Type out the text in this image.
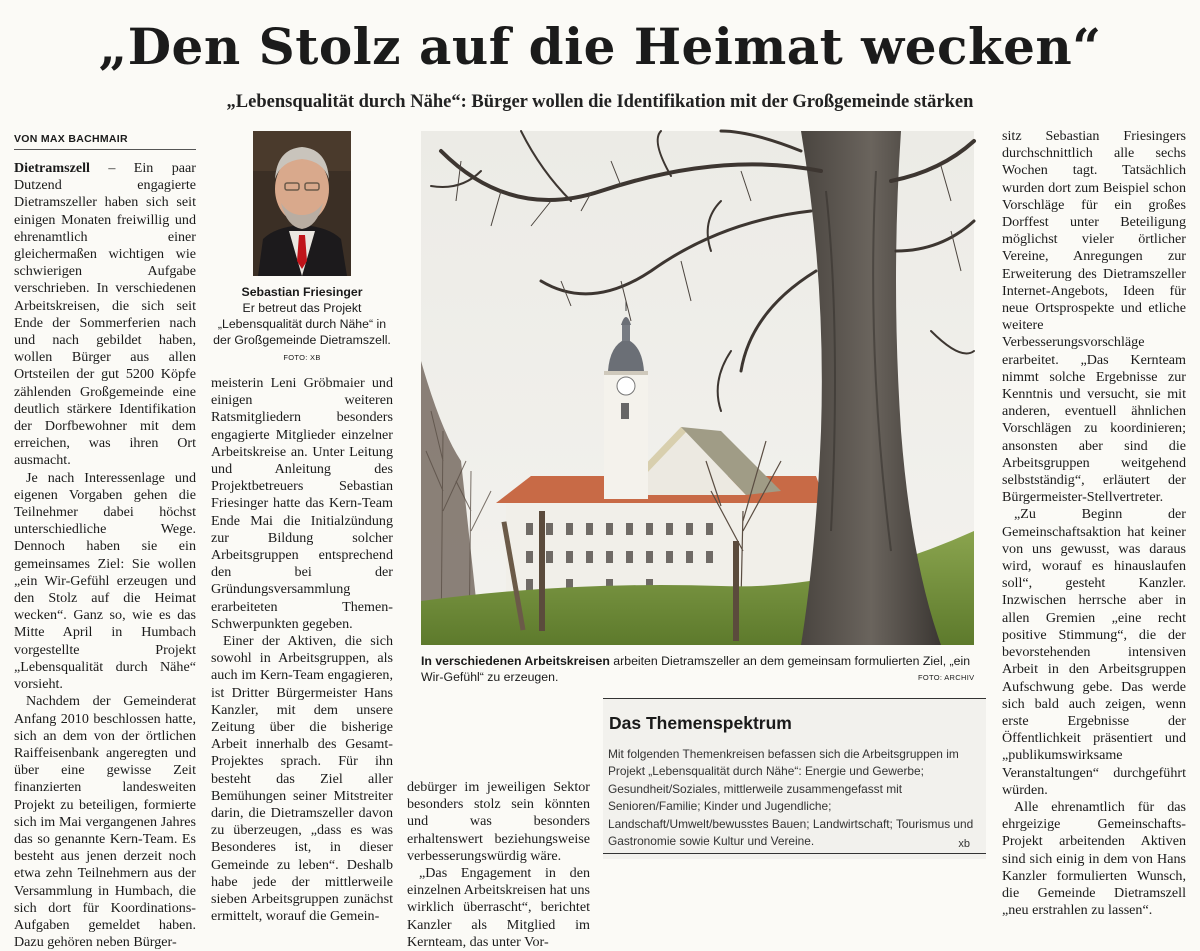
„Den Stolz auf die Heimat wecken“
„Lebensqualität durch Nähe“: Bürger wollen die Identifikation mit der Großgemeinde stärken
VON MAX BACHMAIR

Dietramszell – Ein paar Dutzend engagierte Dietramszeller haben sich seit einigen Monaten freiwillig und ehrenamtlich einer gleichermaßen wichtigen wie schwierigen Aufgabe verschrieben. In verschiedenen Arbeitskreisen, die sich seit Ende der Sommerferien nach und nach gebildet haben, wollen Bürger aus allen Ortsteilen der gut 5200 Köpfe zählenden Großgemeinde eine deutlich stärkere Identifikation der Dorfbewohner mit dem erreichen, was ihren Ort ausmacht.

Je nach Interessenlage und eigenen Vorgaben gehen die Teilnehmer dabei höchst unterschiedliche Wege. Dennoch haben sie ein gemeinsames Ziel: Sie wollen „ein Wir-Gefühl erzeugen und den Stolz auf die Heimat wecken“. Ganz so, wie es das Mitte April in Humbach vorgestellte Projekt „Lebensqualität durch Nähe“ vorsieht.

Nachdem der Gemeinderat Anfang 2010 beschlossen hatte, sich an dem von der örtlichen Raiffeisenbank angeregten und über eine gewisse Zeit finanzierten landesweiten Projekt zu beteiligen, formierte sich im Mai vergangenen Jahres das so genannte Kern-Team. Es besteht aus jenen derzeit noch etwa zehn Teilnehmern aus der Versammlung in Humbach, die sich dort für Koordinations-Aufgaben gemeldet haben. Dazu gehören neben Bürger-

Sebastian Friesinger
Er betreut das Projekt „Lebensqualität durch Nähe“ in der Großgemeinde Dietramszell. FOTO: XB

meisterin Leni Gröbmaier und einigen weiteren Ratsmitgliedern besonders engagierte Mitglieder einzelner Arbeitskreise an. Unter Leitung und Anleitung des Projektbetreuers Sebastian Friesinger hatte das Kern-Team Ende Mai die Initialzündung zur Bildung solcher Arbeitsgruppen entsprechend den bei der Gründungsversammlung erarbeiteten Themen-Schwerpunkten gegeben.

Einer der Aktiven, die sich sowohl in Arbeitsgruppen, als auch im Kern-Team engagieren, ist Dritter Bürgermeister Hans Kanzler, mit dem unsere Zeitung über die bisherige Arbeit innerhalb des Gesamt-Projektes sprach. Für ihn besteht das Ziel aller Bemühungen seiner Mitstreiter darin, die Dietramszeller davon zu überzeugen, „dass es was Besonderes ist, in dieser Gemeinde zu leben“. Deshalb habe jede der mittlerweile sieben Arbeitsgruppen zunächst ermittelt, worauf die Gemein-

In verschiedenen Arbeitskreisen arbeiten Dietramszeller an dem gemeinsam formulierten Ziel, „ein Wir-Gefühl“ zu erzeugen.	FOTO: ARCHIV
Das Themenspektrum
Mit folgenden Themenkreisen befassen sich die Arbeitsgruppen im Projekt „Lebensqualität durch Nähe“: Energie und Gewerbe; Gesundheit/Soziales, mittlerweile zusammengefasst mit Senioren/Familie; Kinder und Jugendliche; Landschaft/Umwelt/bewusstes Bauen; Landwirtschaft; Tourismus und Gastronomie sowie Kultur und Vereine.	xb

debürger im jeweiligen Sektor besonders stolz sein könnten und was besonders erhaltenswert beziehungsweise verbesserungswürdig wäre.

„Das Engagement in den einzelnen Arbeitskreisen hat uns wirklich überrascht“, berichtet Kanzler als Mitglied im Kernteam, das unter Vor-

sitz Sebastian Friesingers durchschnittlich alle sechs Wochen tagt. Tatsächlich wurden dort zum Beispiel schon Vorschläge für ein großes Dorffest unter Beteiligung möglichst vieler örtlicher Vereine, Anregungen zur Erweiterung des Dietramszeller Internet-Angebots, Ideen für neue Ortsprospekte und etliche weitere Verbesserungsvorschläge erarbeitet. „Das Kernteam nimmt solche Ergebnisse zur Kenntnis und versucht, sie mit anderen, eventuell ähnlichen Vorschlägen zu koordinieren; ansonsten aber sind die Arbeitsgruppen weitgehend selbstständig“, erläutert der Bürgermeister-Stellvertreter.

„Zu Beginn der Gemeinschaftsaktion hat keiner von uns gewusst, was daraus wird, worauf es hinauslaufen soll“, gesteht Kanzler. Inzwischen herrsche aber in allen Gremien „eine recht positive Stimmung“, die der bevorstehenden intensiven Arbeit in den Arbeitsgruppen Aufschwung gebe. Das werde sich bald auch zeigen, wenn erste Ergebnisse der Öffentlichkeit präsentiert und „publikumswirksame Veranstaltungen“ durchgeführt würden.

Alle ehrenamtlich für das ehrgeizige Gemeinschafts-Projekt arbeitenden Aktiven sind sich einig in dem von Hans Kanzler formulierten Wunsch, die Gemeinde Dietramszell „neu erstrahlen zu lassen“.
